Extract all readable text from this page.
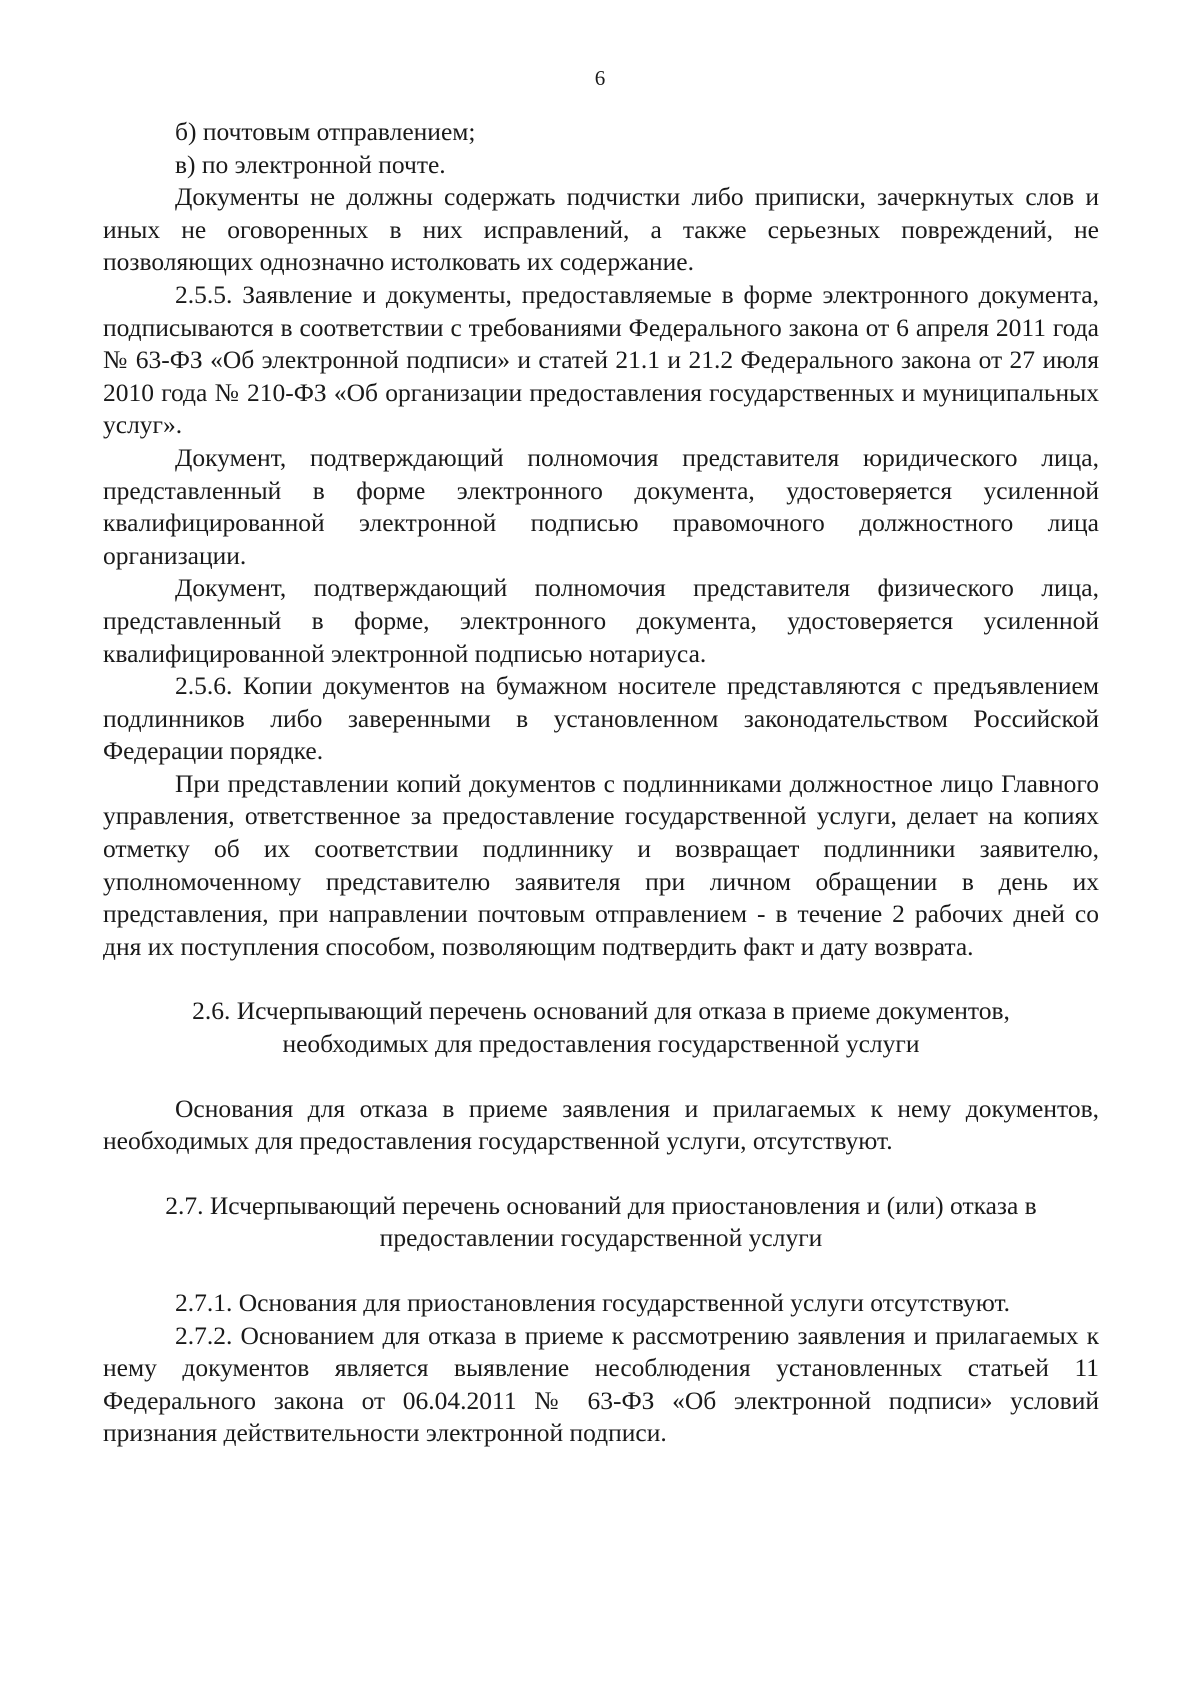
6

б) почтовым отправлением;

в) по электронной почте.

Документы не должны содержать подчистки либо приписки, зачеркнутых слов и иных не оговоренных в них исправлений, а также серьезных повреждений, не позволяющих однозначно истолковать их содержание.

2.5.5. Заявление и документы, предоставляемые в форме электронного документа, подписываются в соответствии с требованиями Федерального закона от 6 апреля 2011 года № 63-ФЗ «Об электронной подписи» и статей 21.1 и 21.2 Федерального закона от 27 июля 2010 года № 210-ФЗ «Об организации предоставления государственных и муниципальных услуг».

Документ, подтверждающий полномочия представителя юридического лица, представленный в форме электронного документа, удостоверяется усиленной квалифицированной электронной подписью правомочного должностного лица организации.

Документ, подтверждающий полномочия представителя физического лица, представленный в форме, электронного документа, удостоверяется усиленной квалифицированной электронной подписью нотариуса.

2.5.6. Копии документов на бумажном носителе представляются с предъявлением подлинников либо заверенными в установленном законодательством Российской Федерации порядке.

При представлении копий документов с подлинниками должностное лицо Главного управления, ответственное за предоставление государственной услуги, делает на копиях отметку об их соответствии подлиннику и возвращает подлинники заявителю, уполномоченному представителю заявителя при личном обращении в день их представления, при направлении почтовым отправлением - в течение 2 рабочих дней со дня их поступления способом, позволяющим подтвердить факт и дату возврата.

2.6. Исчерпывающий перечень оснований для отказа в приеме документов, необходимых для предоставления государственной услуги

Основания для отказа в приеме заявления и прилагаемых к нему документов, необходимых для предоставления государственной услуги, отсутствуют.

2.7. Исчерпывающий перечень оснований для приостановления и (или) отказа в предоставлении государственной услуги

2.7.1. Основания для приостановления государственной услуги отсутствуют.

2.7.2. Основанием для отказа в приеме к рассмотрению заявления и прилагаемых к нему документов является выявление несоблюдения установленных статьей 11 Федерального закона от 06.04.2011 № 63-ФЗ «Об электронной подписи» условий признания действительности электронной подписи.
